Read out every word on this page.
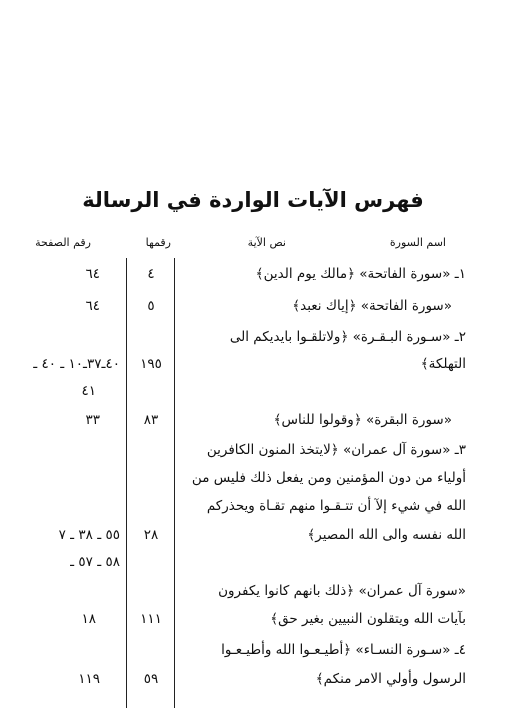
فهرس الآيات الواردة في الرسالة
اسم السورة
نص الآية
رقمها
رقم الصفحة
١ـ «سورة الفاتحة» ﴿مالك يوم الدين﴾
«سورة الفاتحة» ﴿إياك نعبد﴾
٢ـ «سـورة البـقـرة» ﴿ولاتلقـوا بايديكم الى
التهلكة﴾
«سورة البقرة» ﴿وقولوا للناس﴾
٣ـ «سورة آل عمران» ﴿لايتخذ المنون الكافرين
أولياء من دون المؤمنين ومن يفعل ذلك فليس من
الله في شيء إلآ أن تتـقـوا منهم تقـاة ويحذركم
الله نفسه والى الله المصير﴾
«سورة آل عمران» ﴿ذلك بانهم كانوا يكفرون
بآيات الله ويتقلون النبيين بغير حق﴾
٤ـ «سـورة النسـاء» ﴿أطيـعـوا الله وأطيـعـوا
الرسول وأولي الامر منكم﴾
٤
٥
١٩٥
٨٣
٢٨
١١١
٥٩
٦٤
٦٤
٤٠ـ٣٧ـ١٠ ـ ٤٠ ـ
٤١
٣٣
٥٥ ـ ٣٨ ـ ٧
٥٨ ـ ٥٧ ـ
١٨
١١٩
